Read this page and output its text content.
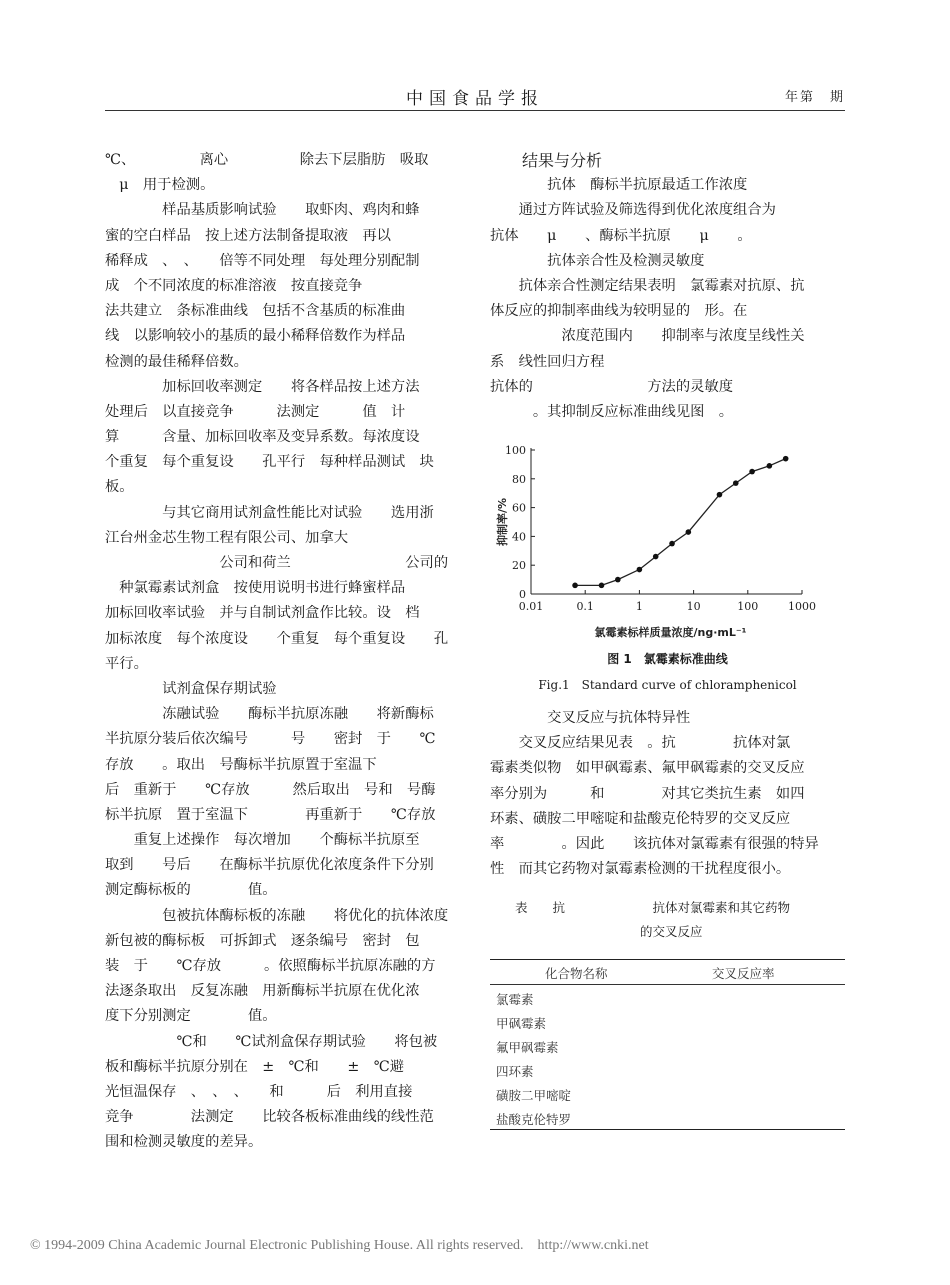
中国食品学报	年第　期
℃、　　　　　离心　　　　　除去下层脂肪　吸取
　μ　用于检测。
　　　　样品基质影响试验　　取虾肉、鸡肉和蜂
蜜的空白样品　按上述方法制备提取液　再以
稀释成　、　、　　倍等不同处理　每处理分别配制
成　个不同浓度的标准溶液　按直接竞争
法共建立　条标准曲线　包括不含基质的标准曲
线　以影响较小的基质的最小稀释倍数作为样品
检测的最佳稀释倍数。
　　　　加标回收率测定　　将各样品按上述方法
处理后　以直接竞争　　　法测定　　　值　计
算　　　含量、加标回收率及变异系数。每浓度设
个重复　每个重复设　　孔平行　每种样品测试　块
板。
　　　　与其它商用试剂盒性能比对试验　　选用浙
江台州金芯生物工程有限公司、加拿大
　　　　　　　　公司和荷兰　　　　　　　　公司的
　种氯霉素试剂盒　按使用说明书进行蜂蜜样品
加标回收率试验　并与自制试剂盒作比较。设　档
加标浓度　每个浓度设　　个重复　每个重复设　　孔
平行。
　　　　试剂盒保存期试验
　　　　冻融试验　　酶标半抗原冻融　　将新酶标
半抗原分装后依次编号　　　号　　密封　于　　℃
存放　　。取出　号酶标半抗原置于室温下
后　重新于　　℃存放　　　然后取出　号和　号酶
标半抗原　置于室温下　　　　再重新于　　℃存放
　　重复上述操作　每次增加　　个酶标半抗原至
取到　　号后　　在酶标半抗原优化浓度条件下分别
测定酶标板的　　　　值。
　　　　包被抗体酶标板的冻融　　将优化的抗体浓度
新包被的酶标板　可拆卸式　逐条编号　密封　包
装　于　　℃存放　　　。依照酶标半抗原冻融的方
法逐条取出　反复冻融　用新酶标半抗原在优化浓
度下分别测定　　　　值。
　　　　　℃和　　℃试剂盒保存期试验　　将包被
板和酶标半抗原分别在　±　℃和　　±　℃避
光恒温保存　、　、　、　　和　　　后　利用直接
竞争　　　　法测定　　比较各板标准曲线的线性范
围和检测灵敏度的差异。
　　结果与分析
　　　　抗体　酶标半抗原最适工作浓度
　　通过方阵试验及筛选得到优化浓度组合为
抗体　　μ　　、酶标半抗原　　μ　　。
　　　　抗体亲合性及检测灵敏度
　　抗体亲合性测定结果表明　氯霉素对抗原、抗
体反应的抑制率曲线为较明显的　形。在
　　　　　浓度范围内　　抑制率与浓度呈线性关
系　线性回归方程
抗体的　　　　　　　　方法的灵敏度
　　　。其抑制反应标准曲线见图　。
0
20
40
60
80
100
0.01	0.1	1	10	100	1000
抑制率/%
氯霉素标样质量浓度/ng·mL⁻¹
图 1　氯霉素标准曲线
Fig.1　Standard curve of chloramphenicol
　　　　交叉反应与抗体特异性
　　交叉反应结果见表　。抗　　　　抗体对氯
霉素类似物　如甲砜霉素、氟甲砜霉素的交叉反应
率分别为　　　和　　　　对其它类抗生素　如四
环素、磺胺二甲嘧啶和盐酸克伦特罗的交叉反应
率　　　　。因此　　该抗体对氯霉素有很强的特异
性　而其它药物对氯霉素检测的干扰程度很小。
　　表　　抗　　　　　　　抗体对氯霉素和其它药物
　　　　　　　　　　　　的交叉反应
化合物名称	交叉反应率
氯霉素
甲砜霉素
氟甲砜霉素
四环素
磺胺二甲嘧啶
盐酸克伦特罗
© 1994-2009 China Academic Journal Electronic Publishing House. All rights reserved.    http://www.cnki.net
